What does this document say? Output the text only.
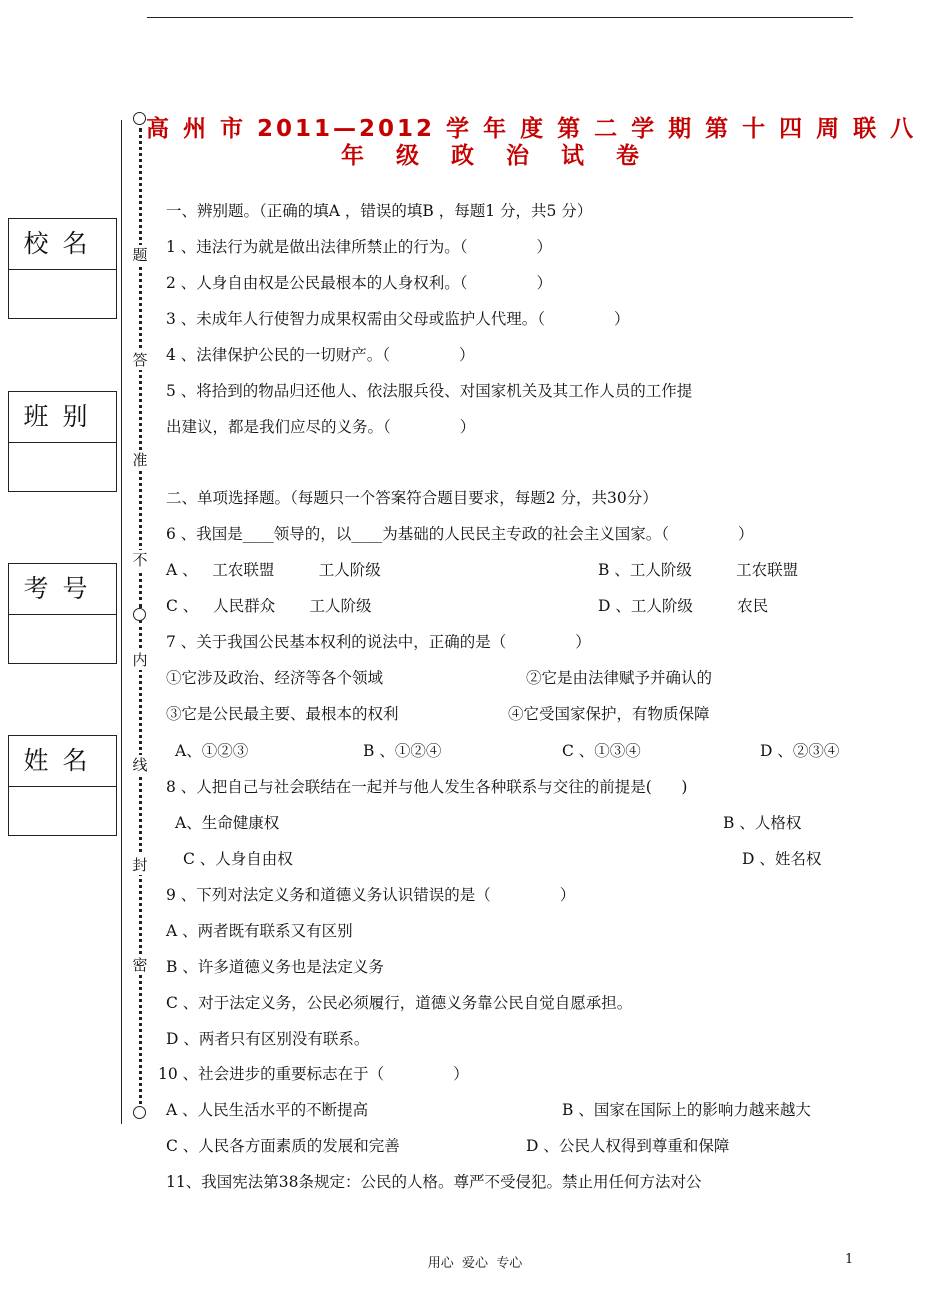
高 州 市 2011—2012 学 年 度 第 二 学 期 第 十 四 周 联 八
年 级 政 治 试 卷
题
答
准
不
内
线
封
密
校名
班别
考号
姓名
一、辨别题。（正确的填A ，错误的填B ，每题1 分，共5 分）
1 、违法行为就是做出法律所禁止的行为。（              ）
2 、人身自由权是公民最根本的人身权利。（              ）
3 、未成年人行使智力成果权需由父母或监护人代理。（              ）
4 、法律保护公民的一切财产。（              ）
5 、将拾到的物品归还他人、依法服兵役、对国家机关及其工作人员的工作提
出建议，都是我们应尽的义务。（              ）
二、单项选择题。（每题只一个答案符合题目要求，每题2 分，共30分）
6 、我国是____领导的，以____为基础的人民民主专政的社会主义国家。（              ）
A 、   工农联盟         工人阶级	B 、工人阶级         工农联盟
C 、   人民群众       工人阶级	D 、工人阶级         农民
7 、关于我国公民基本权利的说法中，正确的是（              ）
①它涉及政治、经济等各个领域	②它是由法律赋予并确认的
③它是公民最主要、最根本的权利	④它受国家保护，有物质保障
A、①②③	B 、①②④	C 、①③④	D 、②③④
8 、人把自己与社会联结在一起并与他人发生各种联系与交往的前提是(      )
A、生命健康权	B 、人格权
C 、人身自由权	D 、姓名权
9 、下列对法定义务和道德义务认识错误的是（              ）
A 、两者既有联系又有区别
B 、许多道德义务也是法定义务
C 、对于法定义务，公民必须履行，道德义务靠公民自觉自愿承担。
D 、两者只有区别没有联系。
10 、社会进步的重要标志在于（              ）
A 、人民生活水平的不断提高	B 、国家在国际上的影响力越来越大
C 、人民各方面素质的发展和完善	D 、公民人权得到尊重和保障
11、我国宪法第38条规定：公民的人格。尊严不受侵犯。禁止用任何方法对公
用心  爱心  专心	1
